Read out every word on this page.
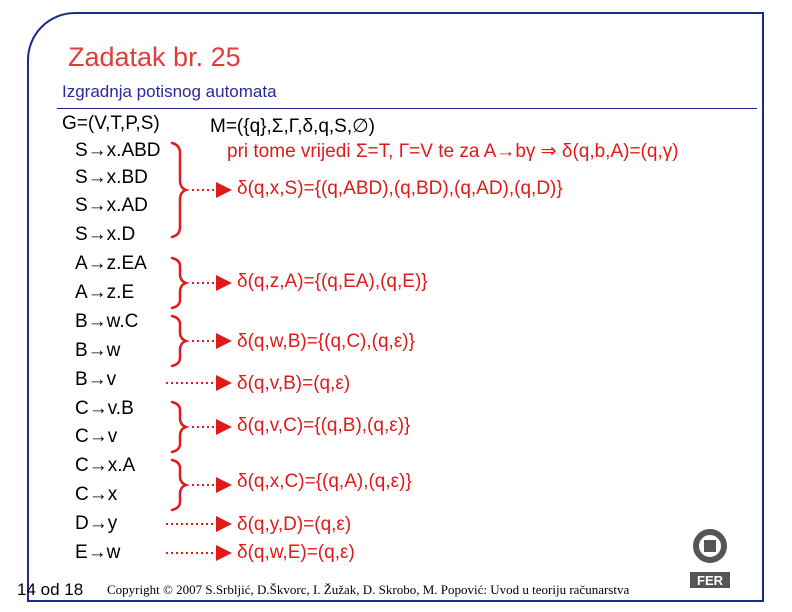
Zadatak br. 25
Izgradnja potisnog automata
G=(V,T,P,S)	M=({q},Σ,Γ,δ,q,S,∅)
pri tome vrijedi Σ=T, Γ=V te za A→bγ ⇒ δ(q,b,A)=(q,γ)
S→x.ABD
S→x.BD
S→x.AD
S→x.D
A→z.EA
A→z.E
B→w.C
B→w
B→v
C→v.B
C→v
C→x.A
C→x
D→y
E→w
δ(q,x,S)={(q,ABD),(q,BD),(q,AD),(q,D)}
δ(q,z,A)={(q,EA),(q,E)}
δ(q,w,B)={(q,C),(q,ε)}
δ(q,v,B)=(q,ε)
δ(q,v,C)={(q,B),(q,ε)}
δ(q,x,C)={(q,A),(q,ε)}
δ(q,y,D)=(q,ε)
δ(q,w,E)=(q,ε)
14 od 18 Copyright © 2007 S.Srbljić, D.Škvorc, I. Žužak, D. Skrobo, M. Popović: Uvod u teoriju računarstva
FER
